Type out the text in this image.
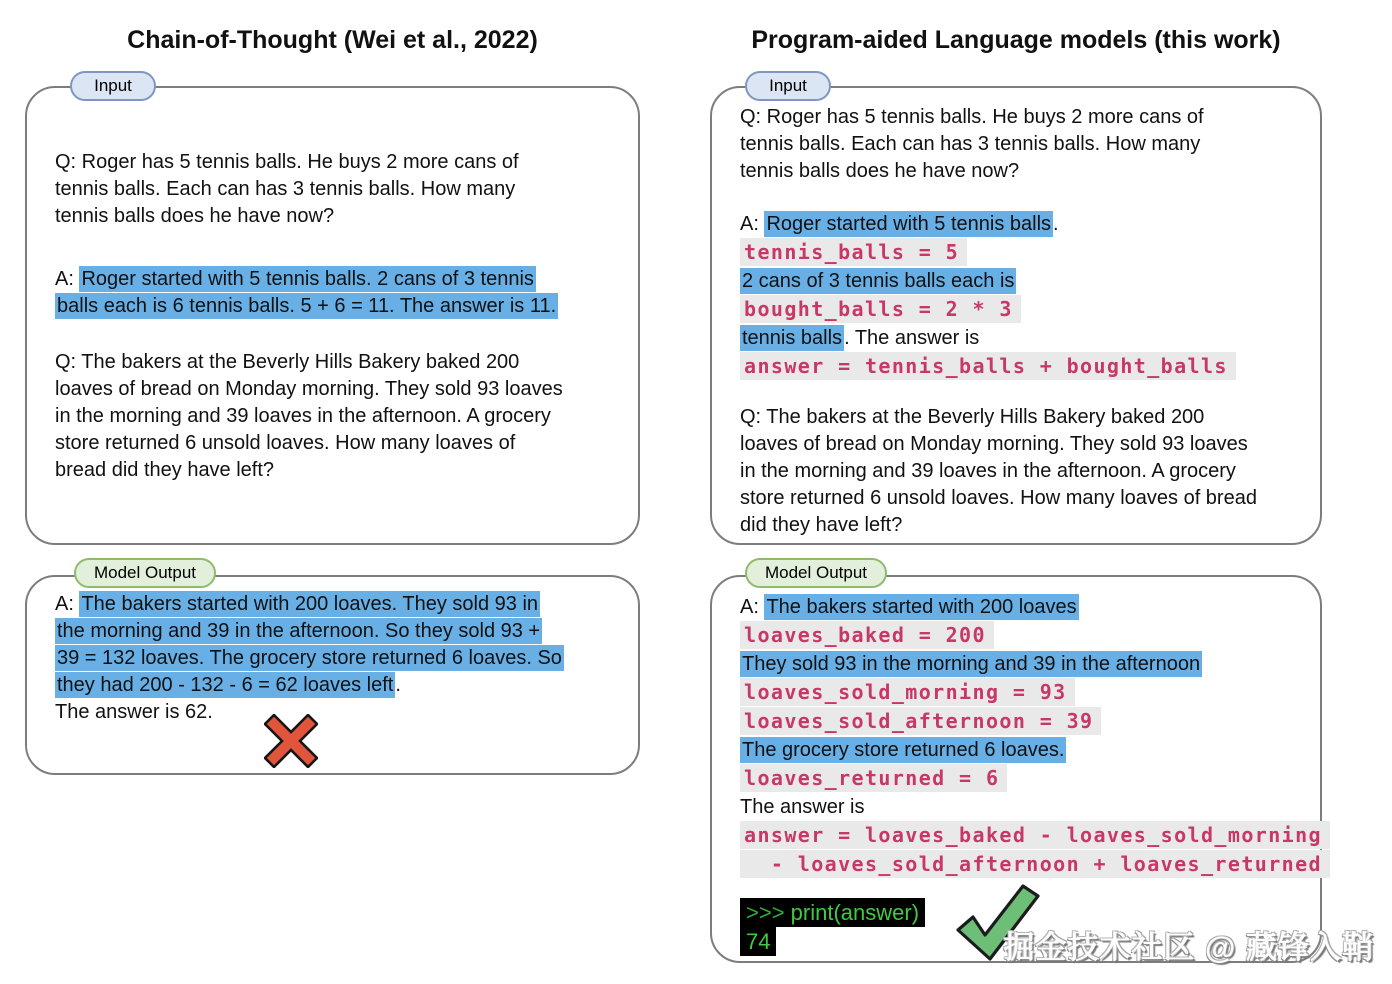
Chain-of-Thought (Wei et al., 2022)	Program-aided Language models (this work)
Input
Model Output
Input
Model Output
Q: Roger has 5 tennis balls. He buys 2 more cans of
tennis balls. Each can has 3 tennis balls. How many
tennis balls does he have now?
A: Roger started with 5 tennis balls. 2 cans of 3 tennis
balls each is 6 tennis balls. 5 + 6 = 11. The answer is 11.
Q: The bakers at the Beverly Hills Bakery baked 200
loaves of bread on Monday morning. They sold 93 loaves
in the morning and 39 loaves in the afternoon. A grocery
store returned 6 unsold loaves. How many loaves of
bread did they have left?
A: The bakers started with 200 loaves. They sold 93 in
the morning and 39 in the afternoon. So they sold 93 +
39 = 132 loaves. The grocery store returned 6 loaves. So
they had 200 - 132 - 6 = 62 loaves left .
The answer is 62.
Q: Roger has 5 tennis balls. He buys 2 more cans of
tennis balls. Each can has 3 tennis balls. How many
tennis balls does he have now?
A: Roger started with 5 tennis balls .
tennis_balls = 5
2 cans of 3 tennis balls each is
bought_balls = 2 * 3
tennis balls . The answer is
answer = tennis_balls + bought_balls
Q: The bakers at the Beverly Hills Bakery baked 200
loaves of bread on Monday morning. They sold 93 loaves
in the morning and 39 loaves in the afternoon. A grocery
store returned 6 unsold loaves. How many loaves of bread
did they have left?
A: The bakers started with 200 loaves
loaves_baked = 200
They sold 93 in the morning and 39 in the afternoon
loaves_sold_morning = 93
loaves_sold_afternoon = 39
The grocery store returned 6 loaves.
loaves_returned = 6
The answer is
answer = loaves_baked - loaves_sold_morning
- loaves_sold_afternoon + loaves_returned
>>> print(answer)
74	掘金技术社区 @ 藏锋入鞘
